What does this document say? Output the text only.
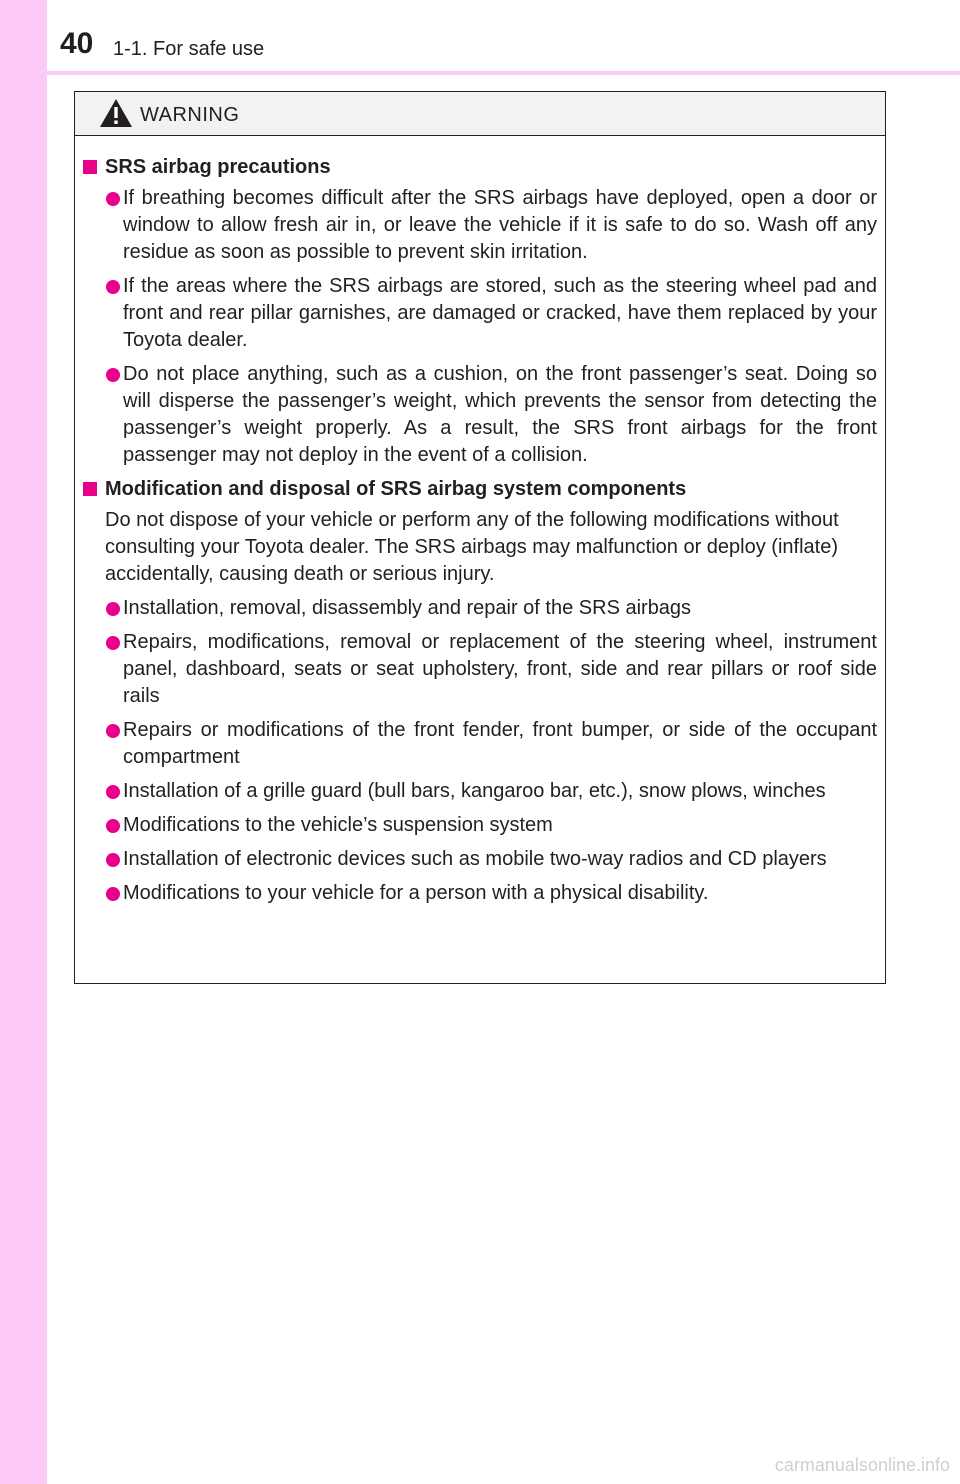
40 1-1. For safe use
WARNING
SRS airbag precautions
If breathing becomes difficult after the SRS airbags have deployed, open a door or window to allow fresh air in, or leave the vehicle if it is safe to do so. Wash off any residue as soon as possible to prevent skin irritation.
If the areas where the SRS airbags are stored, such as the steering wheel pad and front and rear pillar garnishes, are damaged or cracked, have them replaced by your Toyota dealer.
Do not place anything, such as a cushion, on the front passenger’s seat. Doing so will disperse the passenger’s weight, which prevents the sensor from detecting the passenger’s weight properly. As a result, the SRS front airbags for the front passenger may not deploy in the event of a collision.
Modification and disposal of SRS airbag system components
Do not dispose of your vehicle or perform any of the following modifications without consulting your Toyota dealer. The SRS airbags may malfunction or deploy (inflate) accidentally, causing death or serious injury.
Installation, removal, disassembly and repair of the SRS airbags
Repairs, modifications, removal or replacement of the steering wheel, instrument panel, dashboard, seats or seat upholstery, front, side and rear pillars or roof side rails
Repairs or modifications of the front fender, front bumper, or side of the occupant compartment
Installation of a grille guard (bull bars, kangaroo bar, etc.), snow plows, winches
Modifications to the vehicle’s suspension system
Installation of electronic devices such as mobile two-way radios and CD players
Modifications to your vehicle for a person with a physical disability.
carmanualsonline.info
